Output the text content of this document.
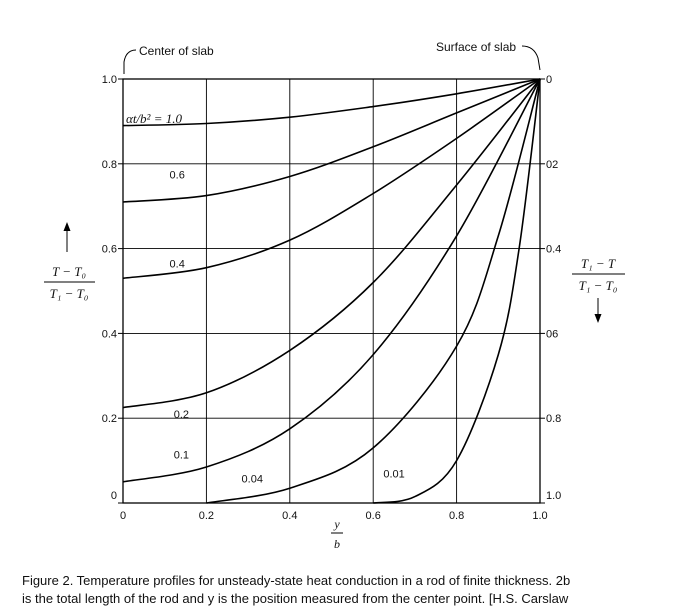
0.6
0.4
0.2
0.1
0.04	0.01
0	0.2	0.4	0.6	0.8	1.0
0
0.2
0.4
0.6
0.8
1.0
1.0
0.8
06
0.4
02
0
Center of slab	Surface of slab
αt/b² = 1.0
T − T₀
T₁ − T₀
T₁ − T
T₁ − T₀
y
b

Figure 2. Temperature profiles for unsteady-state heat conduction in a rod of finite thickness. 2b
is the total length of the rod and y is the position measured from the center point. [H.S. Carslaw
